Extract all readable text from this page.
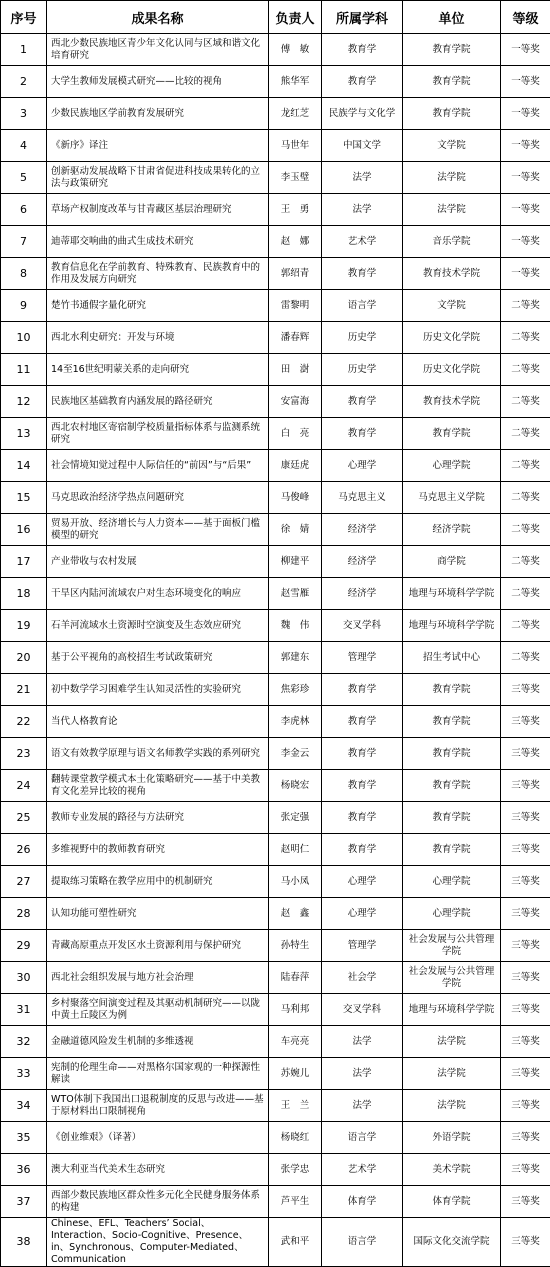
序号	成果名称	负责人	所属学科	单位	等级
1	西北少数民族地区青少年文化认同与区域和谐文化培育研究	傅　敏	教育学	教育学院	一等奖
2	大学生教师发展模式研究——比较的视角	熊华军	教育学	教育学院	一等奖
3	少数民族地区学前教育发展研究	龙红芝	民族学与文化学	教育学院	一等奖
4	《新序》译注	马世年	中国文学	文学院	一等奖
5	创新驱动发展战略下甘肃省促进科技成果转化的立法与政策研究	李玉璧	法学	法学院	一等奖
6	草场产权制度改革与甘青藏区基层治理研究	王　勇	法学	法学院	一等奖
7	迪蒂耶交响曲的曲式生成技术研究	赵　娜	艺术学	音乐学院	一等奖
8	教育信息化在学前教育、特殊教育、民族教育中的作用及发展方向研究	郭绍青	教育学	教育技术学院	一等奖
9	楚竹书通假字量化研究	雷黎明	语言学	文学院	二等奖
10	西北水利史研究：开发与环境	潘春辉	历史学	历史文化学院	二等奖
11	14至16世纪明蒙关系的走向研究	田　澍	历史学	历史文化学院	二等奖
12	民族地区基础教育内涵发展的路径研究	安富海	教育学	教育技术学院	二等奖
13	西北农村地区寄宿制学校质量指标体系与监测系统研究	白　亮	教育学	教育学院	二等奖
14	社会情境知觉过程中人际信任的“前因”与“后果”	康廷虎	心理学	心理学院	二等奖
15	马克思政治经济学热点问题研究	马俊峰	马克思主义	马克思主义学院	二等奖
16	贸易开放、经济增长与人力资本——基于面板门槛模型的研究	徐　婧	经济学	经济学院	二等奖
17	产业带收与农村发展	柳建平	经济学	商学院	二等奖
18	干旱区内陆河流域农户对生态环境变化的响应	赵雪雁	经济学	地理与环境科学学院	二等奖
19	石羊河流域水土资源时空演变及生态效应研究	魏　伟	交叉学科	地理与环境科学学院	二等奖
20	基于公平视角的高校招生考试政策研究	郭建东	管理学	招生考试中心	二等奖
21	初中数学学习困难学生认知灵活性的实验研究	焦彩珍	教育学	教育学院	三等奖
22	当代人格教育论	李虎林	教育学	教育学院	三等奖
23	语文有效教学原理与语文名师教学实践的系列研究	李金云	教育学	教育学院	三等奖
24	翻转课堂教学模式本土化策略研究——基于中美教育文化差异比较的视角	杨晓宏	教育学	教育学院	三等奖
25	教师专业发展的路径与方法研究	张定强	教育学	教育学院	三等奖
26	多维视野中的教师教育研究	赵明仁	教育学	教育学院	三等奖
27	提取练习策略在教学应用中的机制研究	马小凤	心理学	心理学院	三等奖
28	认知功能可塑性研究	赵　鑫	心理学	心理学院	三等奖
29	青藏高原重点开发区水土资源利用与保护研究	孙特生	管理学	社会发展与公共管理学院	三等奖
30	西北社会组织发展与地方社会治理	陆春萍	社会学	社会发展与公共管理学院	三等奖
31	乡村聚落空间演变过程及其驱动机制研究——以陇中黄土丘陵区为例	马利邦	交叉学科	地理与环境科学学院	三等奖
32	金融道德风险发生机制的多维透视	车亮亮	法学	法学院	三等奖
33	宪制的伦理生命——对黑格尔国家观的一种探源性解读	苏婉儿	法学	法学院	三等奖
34	WTO体制下我国出口退税制度的反思与改进——基于原材料出口限制视角	王　兰	法学	法学院	三等奖
35	《创业维艰》（译著）	杨晓红	语言学	外语学院	三等奖
36	澳大利亚当代美术生态研究	张学忠	艺术学	美术学院	三等奖
37	西部少数民族地区群众性多元化全民健身服务体系的构建	芦平生	体育学	体育学院	三等奖
38	Chinese、EFL、Teachers’ Social、Interaction、Socio-Cognitive、Presence、in、Synchronous、Computer-Mediated、Communication	武和平	语言学	国际文化交流学院	三等奖
